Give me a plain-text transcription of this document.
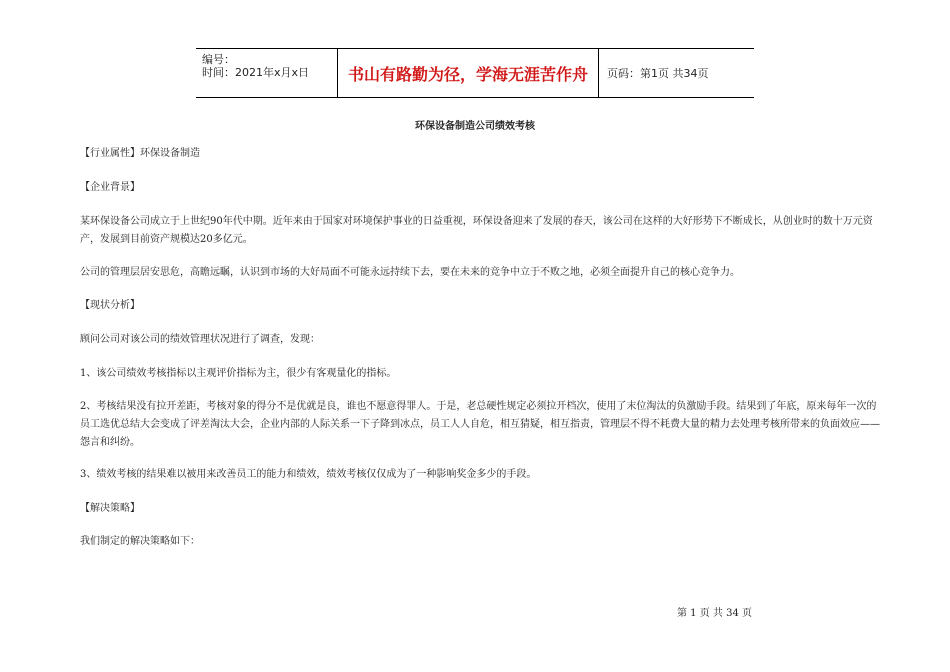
编号：
时间：2021年x月x日	书山有路勤为径，学海无涯苦作舟	页码：第1页 共34页
环保设备制造公司绩效考核
【行业属性】环保设备制造
【企业背景】
某环保设备公司成立于上世纪90年代中期。近年来由于国家对环境保护事业的日益重视，环保设备迎来了发展的春天，该公司在这样的大好形势下不断成长，从创业时的数十万元资产，发展到目前资产规模达20多亿元。
公司的管理层居安思危，高瞻远瞩，认识到市场的大好局面不可能永远持续下去，要在未来的竞争中立于不败之地，必须全面提升自己的核心竞争力。
【现状分析】
顾问公司对该公司的绩效管理状况进行了调查，发现：
1、该公司绩效考核指标以主观评价指标为主，很少有客观量化的指标。
2、考核结果没有拉开差距，考核对象的得分不是优就是良，谁也不愿意得罪人。于是，老总硬性规定必须拉开档次，使用了末位淘汰的负激励手段。结果到了年底，原来每年一次的员工选优总结大会变成了评差淘汰大会，企业内部的人际关系一下子降到冰点，员工人人自危，相互猜疑，相互指责，管理层不得不耗费大量的精力去处理考核所带来的负面效应——怨言和纠纷。
3、绩效考核的结果难以被用来改善员工的能力和绩效，绩效考核仅仅成为了一种影响奖金多少的手段。
【解决策略】
我们制定的解决策略如下：
第 1 页 共 34 页
